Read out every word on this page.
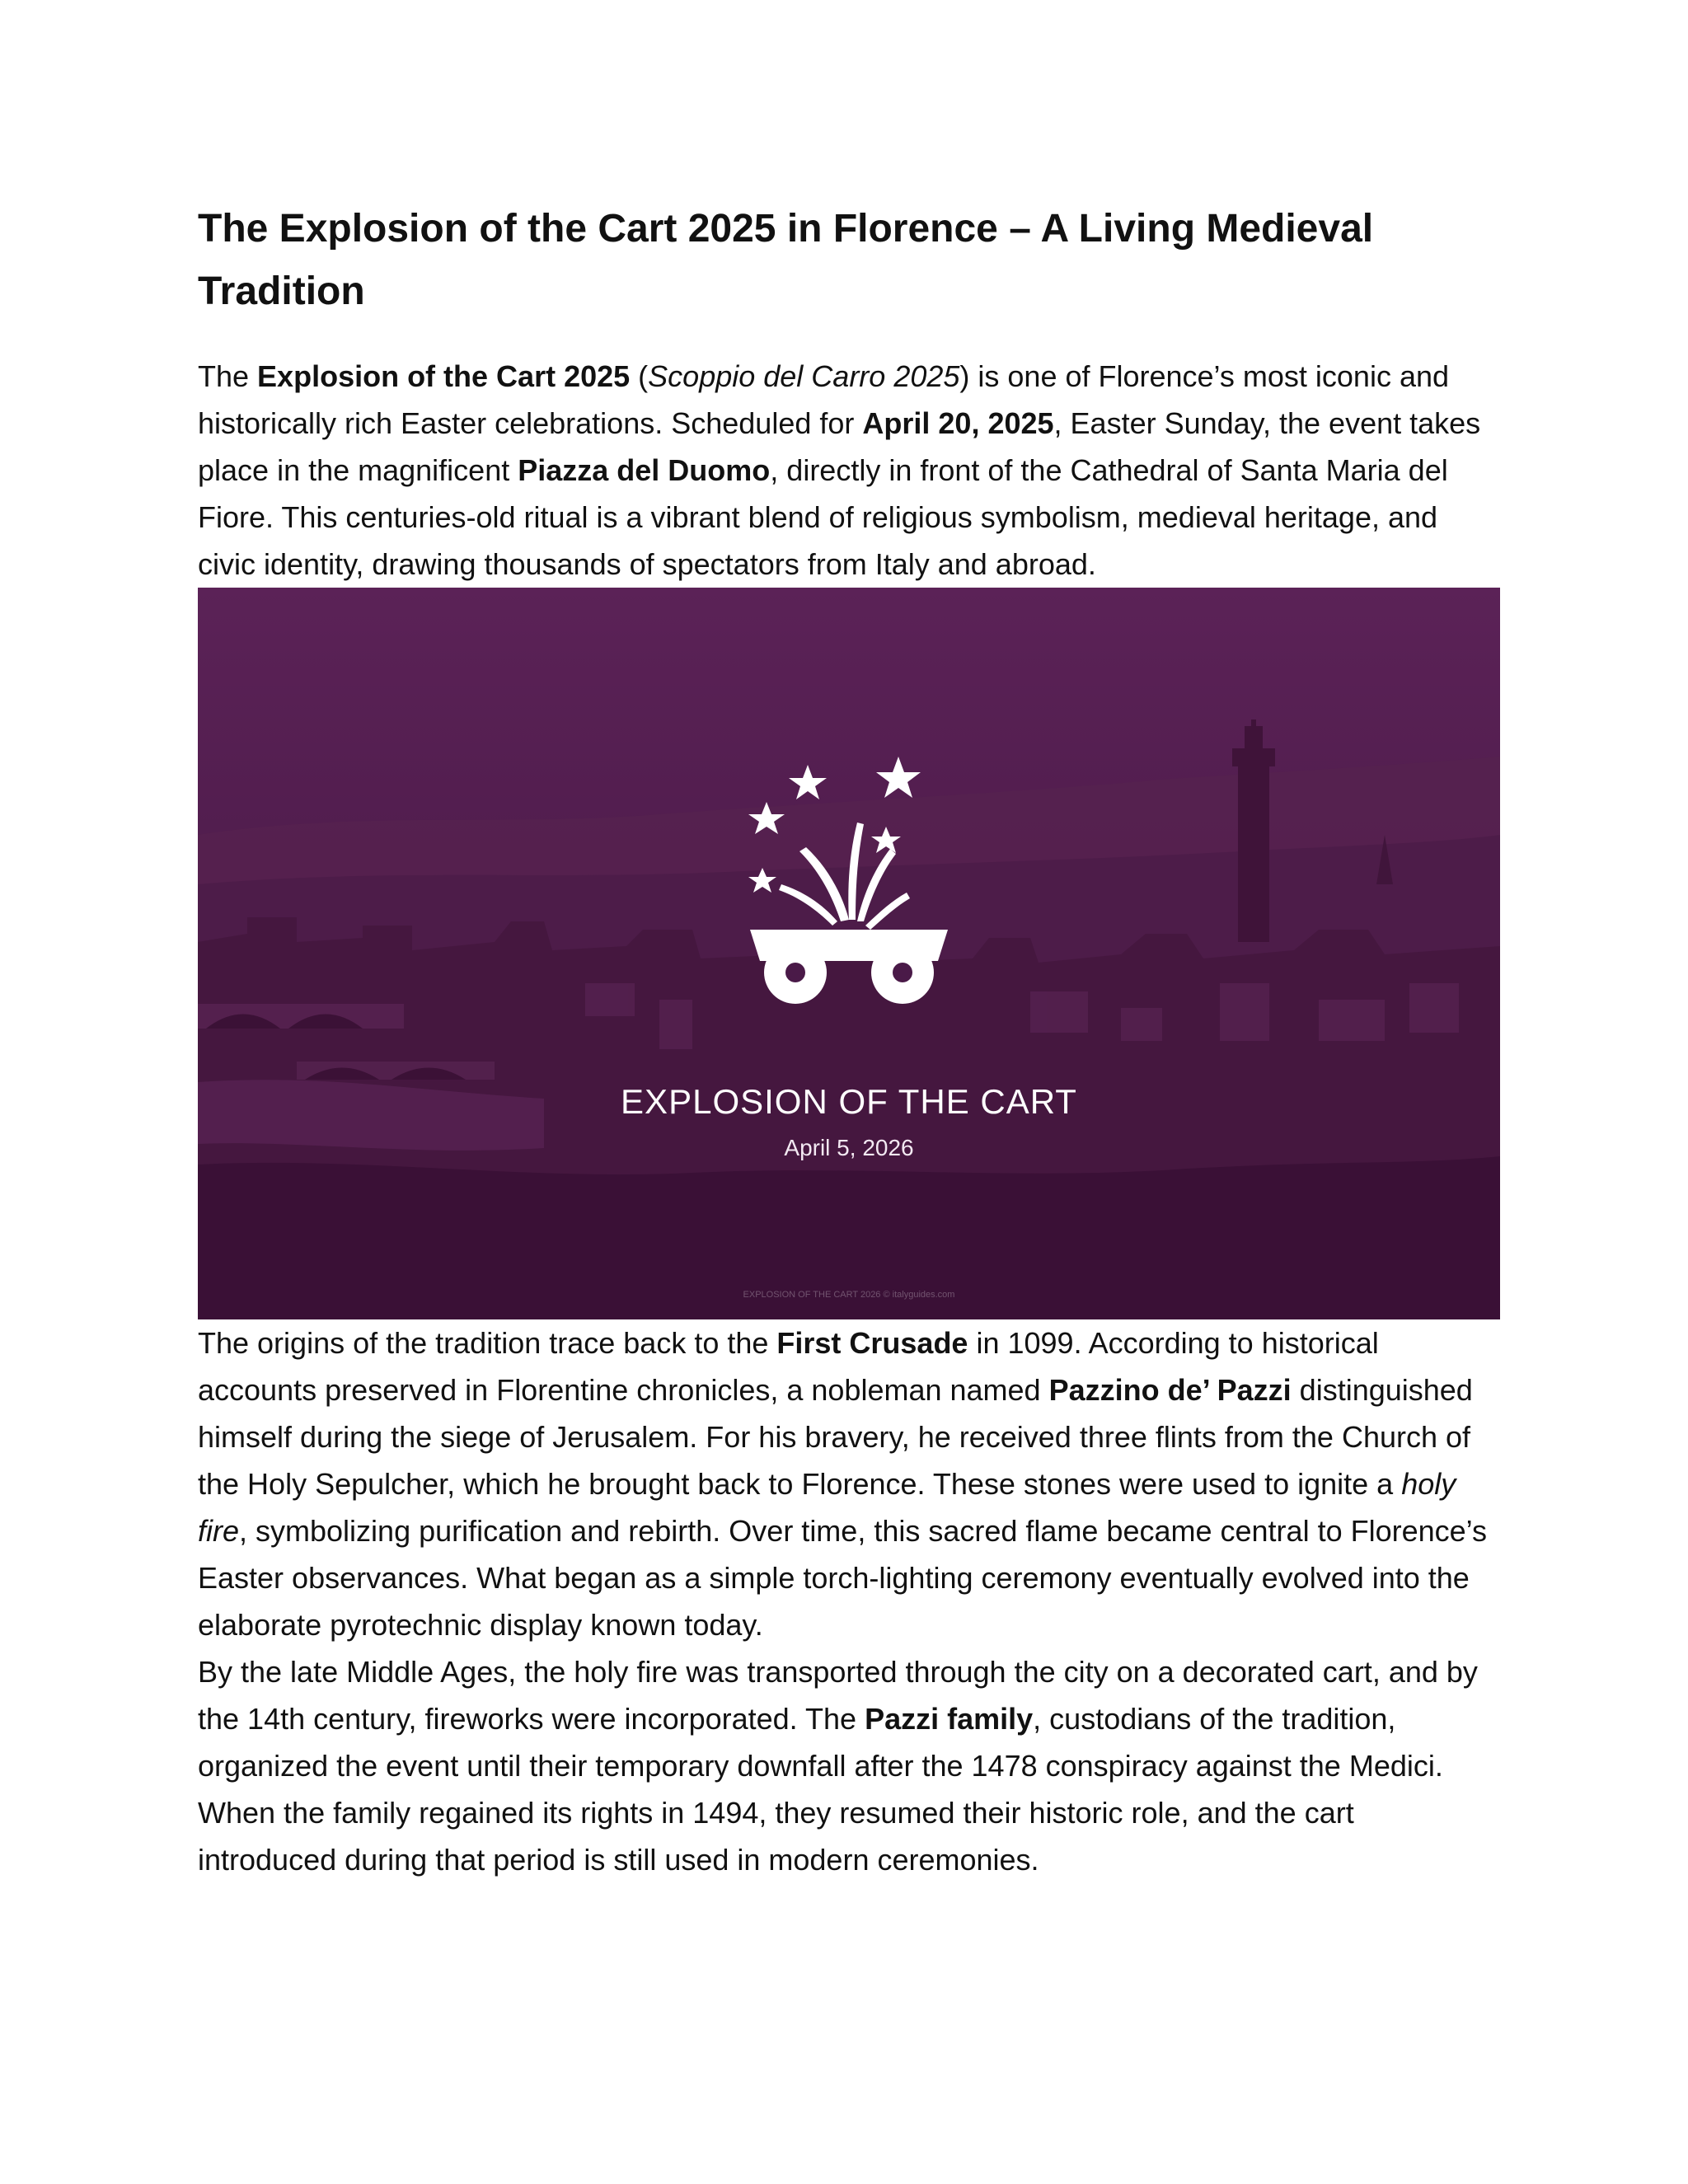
The Explosion of the Cart 2025 in Florence – A Living Medieval Tradition

The Explosion of the Cart 2025 (Scoppio del Carro 2025) is one of Florence’s most iconic and historically rich Easter celebrations. Scheduled for April 20, 2025, Easter Sunday, the event takes place in the magnificent Piazza del Duomo, directly in front of the Cathedral of Santa Maria del Fiore. This centuries-old ritual is a vibrant blend of religious symbolism, medieval heritage, and civic identity, drawing thousands of spectators from Italy and abroad.

EXPLOSION OF THE CART
April 5, 2026
EXPLOSION OF THE CART 2026 © italyguides.com

The origins of the tradition trace back to the First Crusade in 1099. According to historical accounts preserved in Florentine chronicles, a nobleman named Pazzino de’ Pazzi distinguished himself during the siege of Jerusalem. For his bravery, he received three flints from the Church of the Holy Sepulcher, which he brought back to Florence. These stones were used to ignite a holy fire, symbolizing purification and rebirth. Over time, this sacred flame became central to Florence’s Easter observances. What began as a simple torch-lighting ceremony eventually evolved into the elaborate pyrotechnic display known today.

By the late Middle Ages, the holy fire was transported through the city on a decorated cart, and by the 14th century, fireworks were incorporated. The Pazzi family, custodians of the tradition, organized the event until their temporary downfall after the 1478 conspiracy against the Medici. When the family regained its rights in 1494, they resumed their historic role, and the cart introduced during that period is still used in modern ceremonies.
